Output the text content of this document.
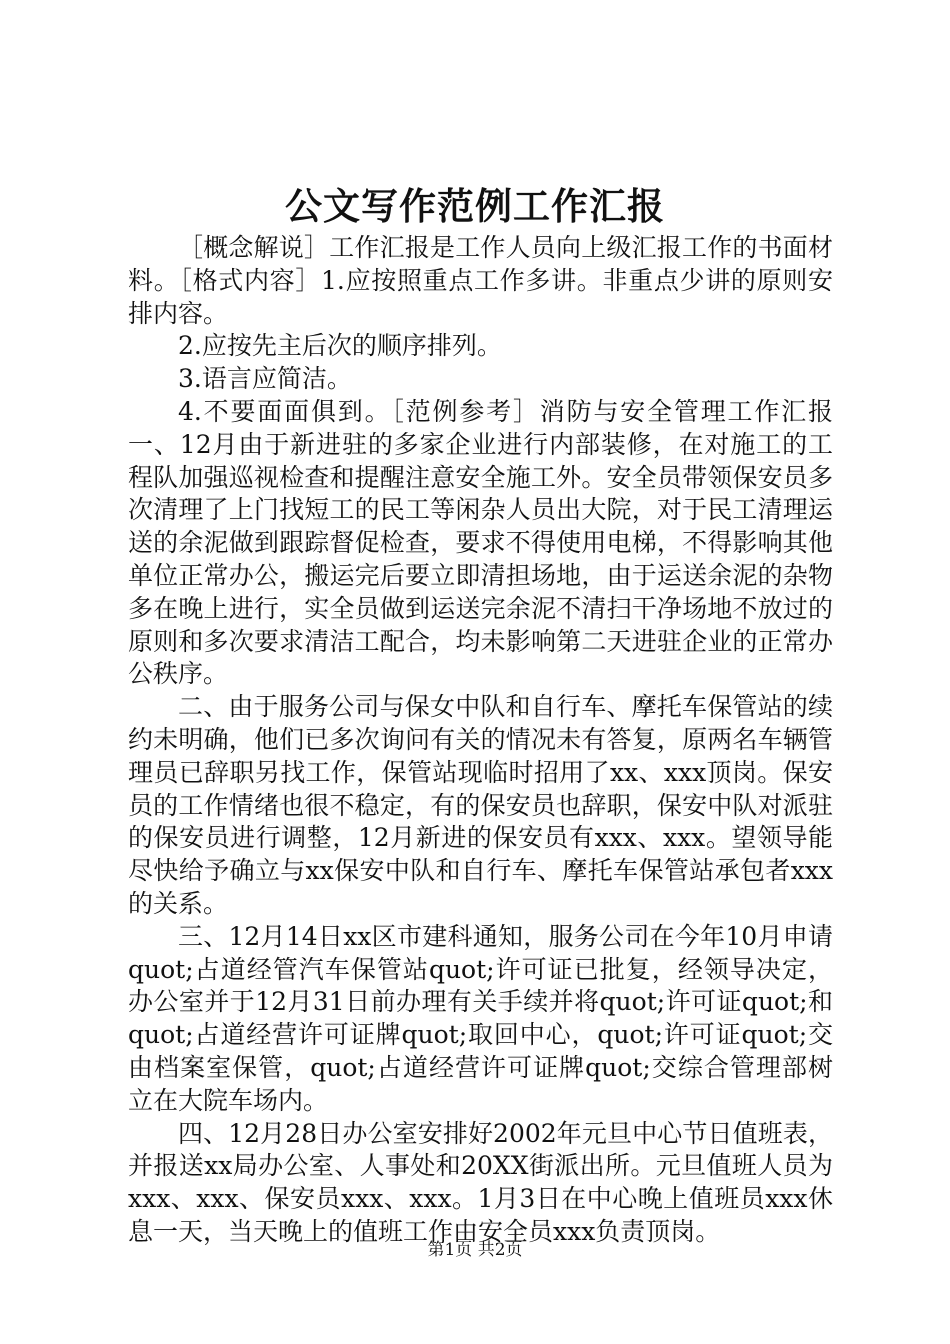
公文写作范例工作汇报

［概念解说］工作汇报是工作人员向上级汇报工作的书面材料。［格式内容］1.应按照重点工作多讲。非重点少讲的原则安排内容。

2.应按先主后次的顺序排列。

3.语言应简洁。

4.不要面面俱到。［范例参考］消防与安全管理工作汇报一、12月由于新进驻的多家企业进行内部装修，在对施工的工程队加强巡视检查和提醒注意安全施工外。安全员带领保安员多次清理了上门找短工的民工等闲杂人员出大院，对于民工清理运送的余泥做到跟踪督促检查，要求不得使用电梯，不得影响其他单位正常办公，搬运完后要立即清担场地，由于运送余泥的杂物多在晚上进行，实全员做到运送完余泥不清扫干净场地不放过的原则和多次要求清洁工配合，均未影响第二天进驻企业的正常办公秩序。

二、由于服务公司与保女中队和自行车、摩托车保管站的续约未明确，他们已多次询问有关的情况未有答复，原两名车辆管理员已辞职另找工作，保管站现临时招用了xx、xxx顶岗。保安员的工作情绪也很不稳定，有的保安员也辞职，保安中队对派驻的保安员进行调整，12月新进的保安员有xxx、xxx。望领导能尽快给予确立与xx保安中队和自行车、摩托车保管站承包者xxx的关系。

三、12月14日xx区市建科通知，服务公司在今年10月申请quot;占道经管汽车保管站quot;许可证已批复，经领导决定，办公室并于12月31日前办理有关手续并将quot;许可证quot;和quot;占道经营许可证牌quot;取回中心，quot;许可证quot;交由档案室保管，quot;占道经营许可证牌quot;交综合管理部树立在大院车场内。

四、12月28日办公室安排好2002年元旦中心节日值班表，并报送xx局办公室、人事处和20XX街派出所。元旦值班人员为xxx、xxx、保安员xxx、xxx。1月3日在中心晚上值班员xxx休息一天，当天晚上的值班工作由安全员xxx负责顶岗。

第1页 共2页
